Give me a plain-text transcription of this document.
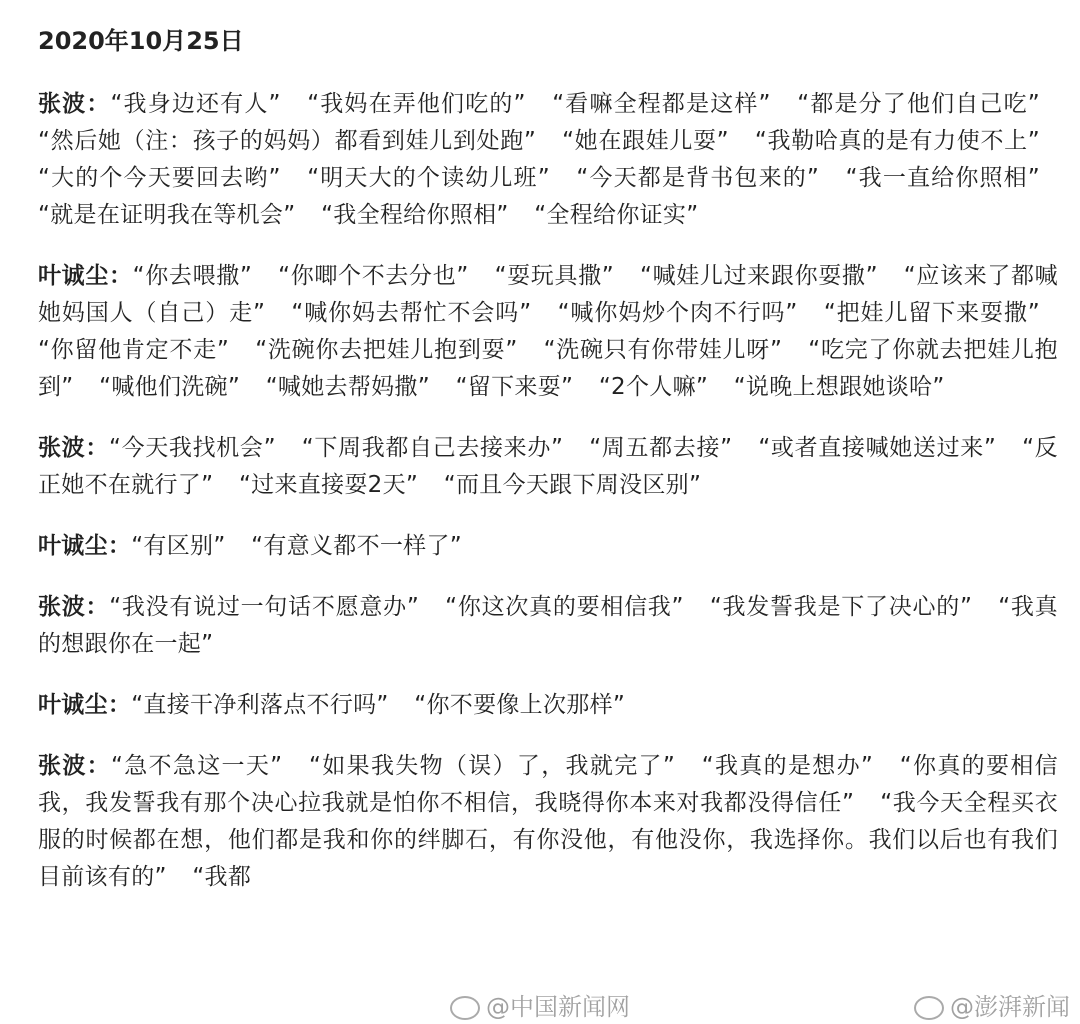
2020年10月25日

张波：“我身边还有人” “我妈在弄他们吃的” “看嘛全程都是这样” “都是分了他们自己吃” “然后她（注：孩子的妈妈）都看到娃儿到处跑” “她在跟娃儿耍” “我勒哈真的是有力使不上” “大的个今天要回去哟” “明天大的个读幼儿班” “今天都是背书包来的” “我一直给你照相” “就是在证明我在等机会” “我全程给你照相” “全程给你证实”

叶诚尘：“你去喂撒” “你唧个不去分也” “耍玩具撒” “喊娃儿过来跟你耍撒” “应该来了都喊她妈国人（自己）走” “喊你妈去帮忙不会吗” “喊你妈炒个肉不行吗” “把娃儿留下来耍撒” “你留他肯定不走” “洗碗你去把娃儿抱到耍” “洗碗只有你带娃儿呀” “吃完了你就去把娃儿抱到” “喊他们洗碗” “喊她去帮妈撒” “留下来耍” “2个人嘛” “说晚上想跟她谈哈”

张波：“今天我找机会” “下周我都自己去接来办” “周五都去接” “或者直接喊她送过来” “反正她不在就行了” “过来直接耍2天” “而且今天跟下周没区别”

叶诚尘：“有区别” “有意义都不一样了”

张波：“我没有说过一句话不愿意办” “你这次真的要相信我” “我发誓我是下了决心的” “我真的想跟你在一起”

叶诚尘：“直接干净利落点不行吗” “你不要像上次那样”

张波：“急不急这一天” “如果我失物（误）了，我就完了” “我真的是想办” “你真的要相信我，我发誓我有那个决心拉我就是怕你不相信，我晓得你本来对我都没得信任” “我今天全程买衣服的时候都在想，他们都是我和你的绊脚石，有你没他，有他没你，我选择你。我们以后也有我们目前该有的” “我都

@中国新闻网	@澎湃新闻
